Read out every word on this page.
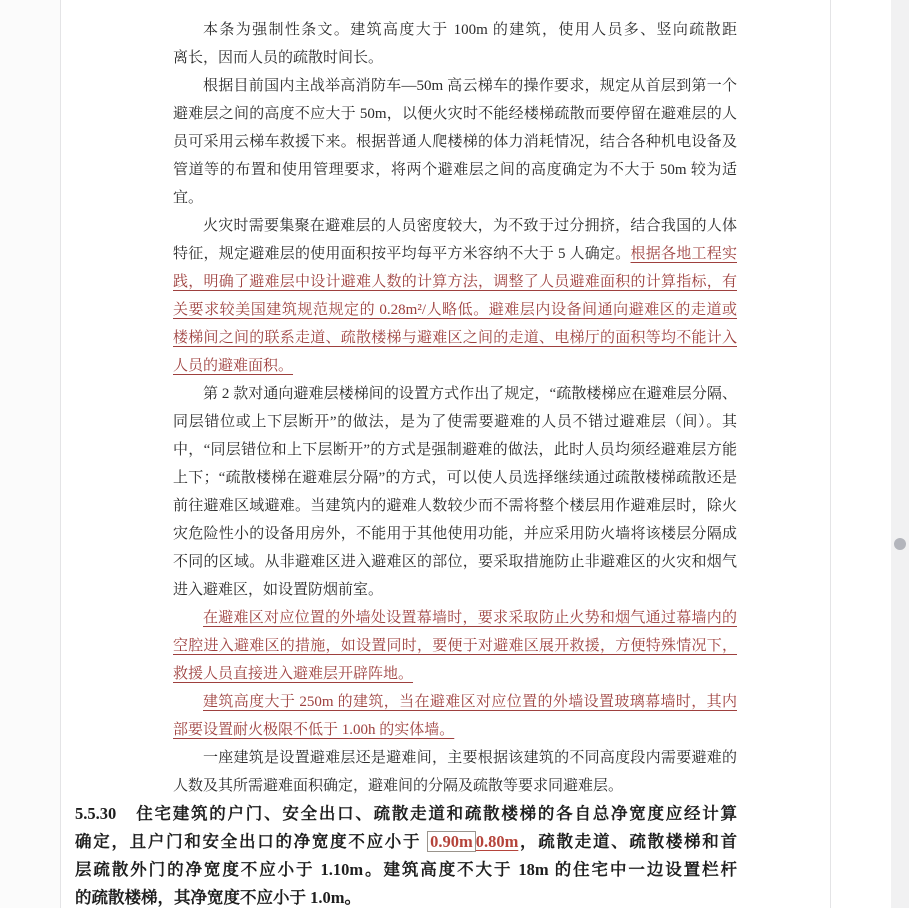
本条为强制性条文。建筑高度大于 100m 的建筑，使用人员多、竖向疏散距
离长，因而人员的疏散时间长。
根据目前国内主战举高消防车—50m 高云梯车的操作要求，规定从首层到第一个
避难层之间的高度不应大于 50m，以便火灾时不能经楼梯疏散而要停留在避难层的人
员可采用云梯车救援下来。根据普通人爬楼梯的体力消耗情况，结合各种机电设备及
管道等的布置和使用管理要求，将两个避难层之间的高度确定为不大于 50m 较为适
宜。
火灾时需要集聚在避难层的人员密度较大，为不致于过分拥挤，结合我国的人体
特征，规定避难层的使用面积按平均每平方米容纳不大于 5 人确定。根据各地工程实
践，明确了避难层中设计避难人数的计算方法，调整了人员避难面积的计算指标，有
关要求较美国建筑规范规定的 0.28m²/人略低。避难层内设备间通向避难区的走道或
楼梯间之间的联系走道、疏散楼梯与避难区之间的走道、电梯厅的面积等均不能计入
人员的避难面积。
第 2 款对通向避难层楼梯间的设置方式作出了规定，“疏散楼梯应在避难层分隔、
同层错位或上下层断开”的做法，是为了使需要避难的人员不错过避难层（间）。其
中，“同层错位和上下层断开”的方式是强制避难的做法，此时人员均须经避难层方能
上下；“疏散楼梯在避难层分隔”的方式，可以使人员选择继续通过疏散楼梯疏散还是
前往避难区域避难。当建筑内的避难人数较少而不需将整个楼层用作避难层时，除火
灾危险性小的设备用房外，不能用于其他使用功能，并应采用防火墙将该楼层分隔成
不同的区域。从非避难区进入避难区的部位，要采取措施防止非避难区的火灾和烟气
进入避难区，如设置防烟前室。
在避难区对应位置的外墙处设置幕墙时，要求采取防止火势和烟气通过幕墙内的
空腔进入避难区的措施，如设置同时，要便于对避难区展开救援，方便特殊情况下，
救援人员直接进入避难层开辟阵地。
建筑高度大于 250m 的建筑，当在避难区对应位置的外墙设置玻璃幕墙时，其内
部要设置耐火极限不低于 1.00h 的实体墙。
一座建筑是设置避难层还是避难间，主要根据该建筑的不同高度段内需要避难的
人数及其所需避难面积确定，避难间的分隔及疏散等要求同避难层。
5.5.30　住宅建筑的户门、安全出口、疏散走道和疏散楼梯的各自总净宽度应经计算
确定，且户门和安全出口的净宽度不应小于 0.90m 0.80m，疏散走道、疏散楼梯和首
层疏散外门的净宽度不应小于 1.10m。建筑高度不大于 18m 的住宅中一边设置栏杆
的疏散楼梯，其净宽度不应小于 1.0m。
